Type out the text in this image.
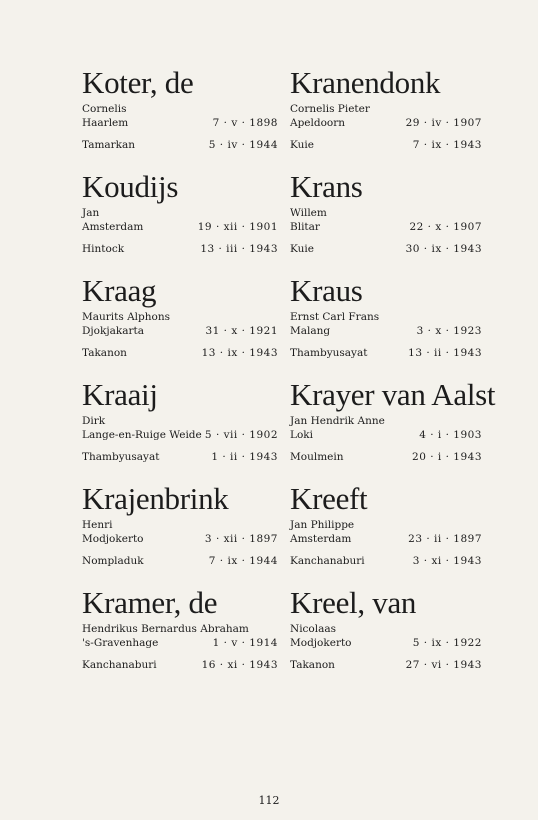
Koter, de
Cornelis
Haarlem	7 · v · 1898
Tamarkan	5 · iv · 1944
Koudijs
Jan
Amsterdam	19 · xii · 1901
Hintock	13 · iii · 1943
Kraag
Maurits Alphons
Djokjakarta	31 · x · 1921
Takanon	13 · ix · 1943
Kraaij
Dirk
Lange-en-Ruige Weide 5 · vii · 1902
Thambyusayat	1 · ii · 1943
Krajenbrink
Henri
Modjokerto	3 · xii · 1897
Nompladuk	7 · ix · 1944
Kramer, de
Hendrikus Bernardus Abraham
's-Gravenhage	1 · v · 1914
Kanchanaburi	16 · xi · 1943
Kranendonk
Cornelis Pieter
Apeldoorn	29 · iv · 1907
Kuie	7 · ix · 1943
Krans
Willem
Blitar	22 · x · 1907
Kuie	30 · ix · 1943
Kraus
Ernst Carl Frans
Malang	3 · x · 1923
Thambyusayat	13 · ii · 1943
Krayer van Aalst
Jan Hendrik Anne
Loki	4 · i · 1903
Moulmein	20 · i · 1943
Kreeft
Jan Philippe
Amsterdam	23 · ii · 1897
Kanchanaburi	3 · xi · 1943
Kreel, van
Nicolaas
Modjokerto	5 · ix · 1922
Takanon	27 · vi · 1943
112
